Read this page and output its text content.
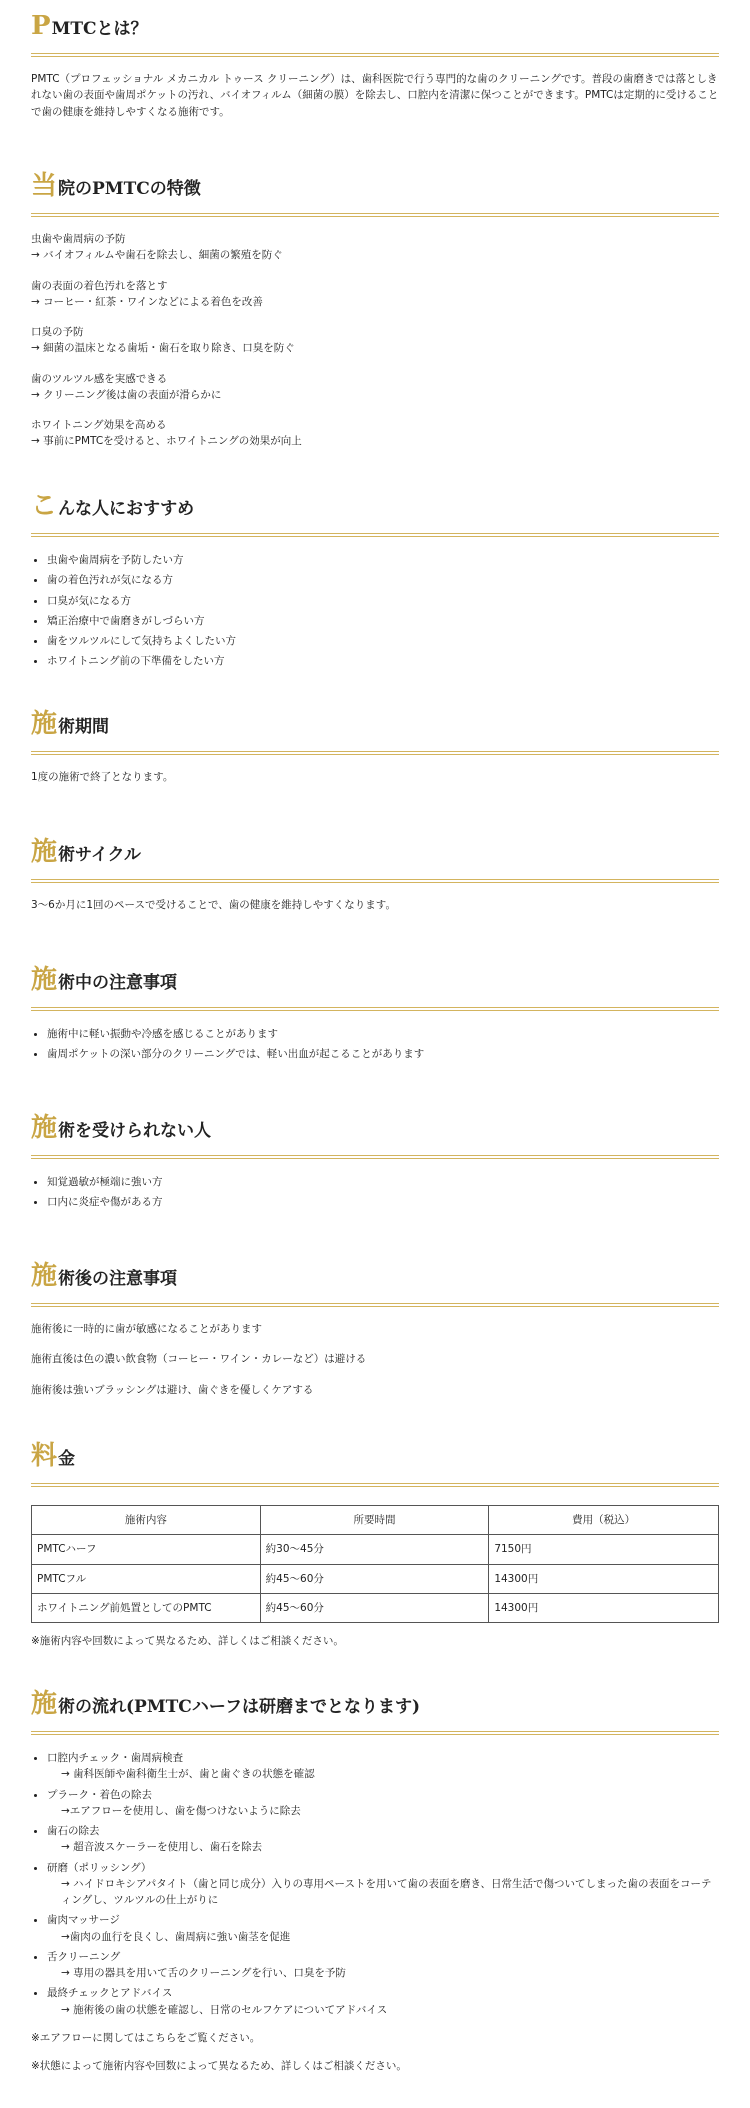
PMTCとは？

PMTC（プロフェッショナル メカニカル トゥース クリーニング）は、歯科医院で行う専門的な歯のクリーニングです。普段の歯磨きでは落としきれない歯の表面や歯周ポケットの汚れ、バイオフィルム（細菌の膜）を除去し、口腔内を清潔に保つことができます。PMTCは定期的に受けることで歯の健康を維持しやすくなる施術です。

当院のPMTCの特徴
虫歯や歯周病の予防
→ バイオフィルムや歯石を除去し、細菌の繁殖を防ぐ
歯の表面の着色汚れを落とす
→ コーヒー・紅茶・ワインなどによる着色を改善
口臭の予防
→ 細菌の温床となる歯垢・歯石を取り除き、口臭を防ぐ
歯のツルツル感を実感できる
→ クリーニング後は歯の表面が滑らかに
ホワイトニング効果を高める
→ 事前にPMTCを受けると、ホワイトニングの効果が向上
こんな人におすすめ
• 虫歯や歯周病を予防したい方
• 歯の着色汚れが気になる方
• 口臭が気になる方
• 矯正治療中で歯磨きがしづらい方
• 歯をツルツルにして気持ちよくしたい方
• ホワイトニング前の下準備をしたい方
施術期間

1度の施術で終了となります。

施術サイクル

3〜6か月に1回のペースで受けることで、歯の健康を維持しやすくなります。

施術中の注意事項
• 施術中に軽い振動や冷感を感じることがあります
• 歯周ポケットの深い部分のクリーニングでは、軽い出血が起こることがあります
施術を受けられない人
• 知覚過敏が極端に強い方
• 口内に炎症や傷がある方
施術後の注意事項

施術後に一時的に歯が敏感になることがあります

施術直後は色の濃い飲食物（コーヒー・ワイン・カレーなど）は避ける

施術後は強いブラッシングは避け、歯ぐきを優しくケアする

料金
施術内容	所要時間	費用（税込）
PMTCハーフ	約30〜45分	7150円
PMTCフル	約45〜60分	14300円
ホワイトニング前処置としてのPMTC	約45〜60分	14300円

※施術内容や回数によって異なるため、詳しくはご相談ください。

施術の流れ(PMTCハーフは研磨までとなります)
• 口腔内チェック・歯周病検査
→ 歯科医師や歯科衛生士が、歯と歯ぐきの状態を確認
• プラーク・着色の除去
→エアフローを使用し、歯を傷つけないように除去
• 歯石の除去
→ 超音波スケーラーを使用し、歯石を除去
• 研磨（ポリッシング）
→ ハイドロキシアパタイト（歯と同じ成分）入りの専用ペーストを用いて歯の表面を磨き、日常生活で傷ついてしまった歯の表面をコーティングし、ツルツルの仕上がりに
• 歯肉マッサージ
→歯肉の血行を良くし、歯周病に強い歯茎を促進
• 舌クリーニング
→ 専用の器具を用いて舌のクリーニングを行い、口臭を予防
• 最終チェックとアドバイス
→ 施術後の歯の状態を確認し、日常のセルフケアについてアドバイス

※エアフローに関してはこちらをご覧ください。

※状態によって施術内容や回数によって異なるため、詳しくはご相談ください。
